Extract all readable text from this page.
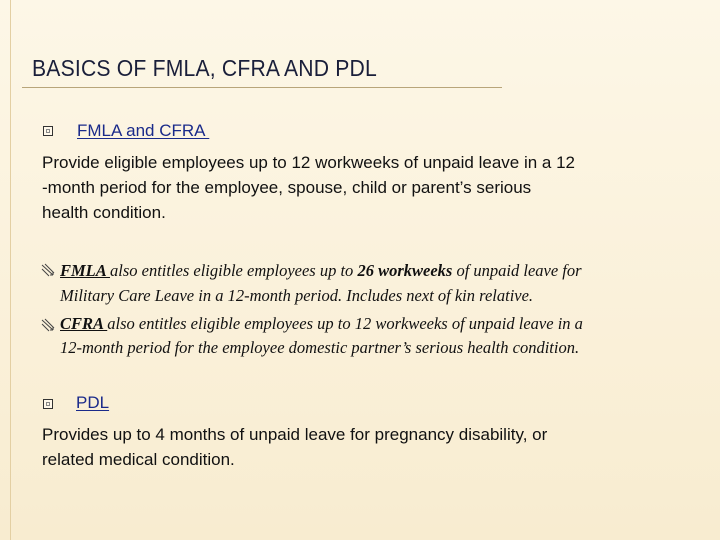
BASICS OF FMLA, CFRA AND PDL
FMLA and CFRA
Provide eligible employees up to 12 workweeks of unpaid leave in a 12
-month period for the employee, spouse, child or parent’s serious
health condition.
FMLA also entitles eligible employees up to 26 workweeks of unpaid leave for
Military Care Leave in a 12-month period. Includes next of kin relative.
CFRA also entitles eligible employees up to 12 workweeks of unpaid leave in a
12-month period for the employee domestic partner’s serious health condition.
PDL
Provides up to 4 months of unpaid leave for pregnancy disability, or
related medical condition.
